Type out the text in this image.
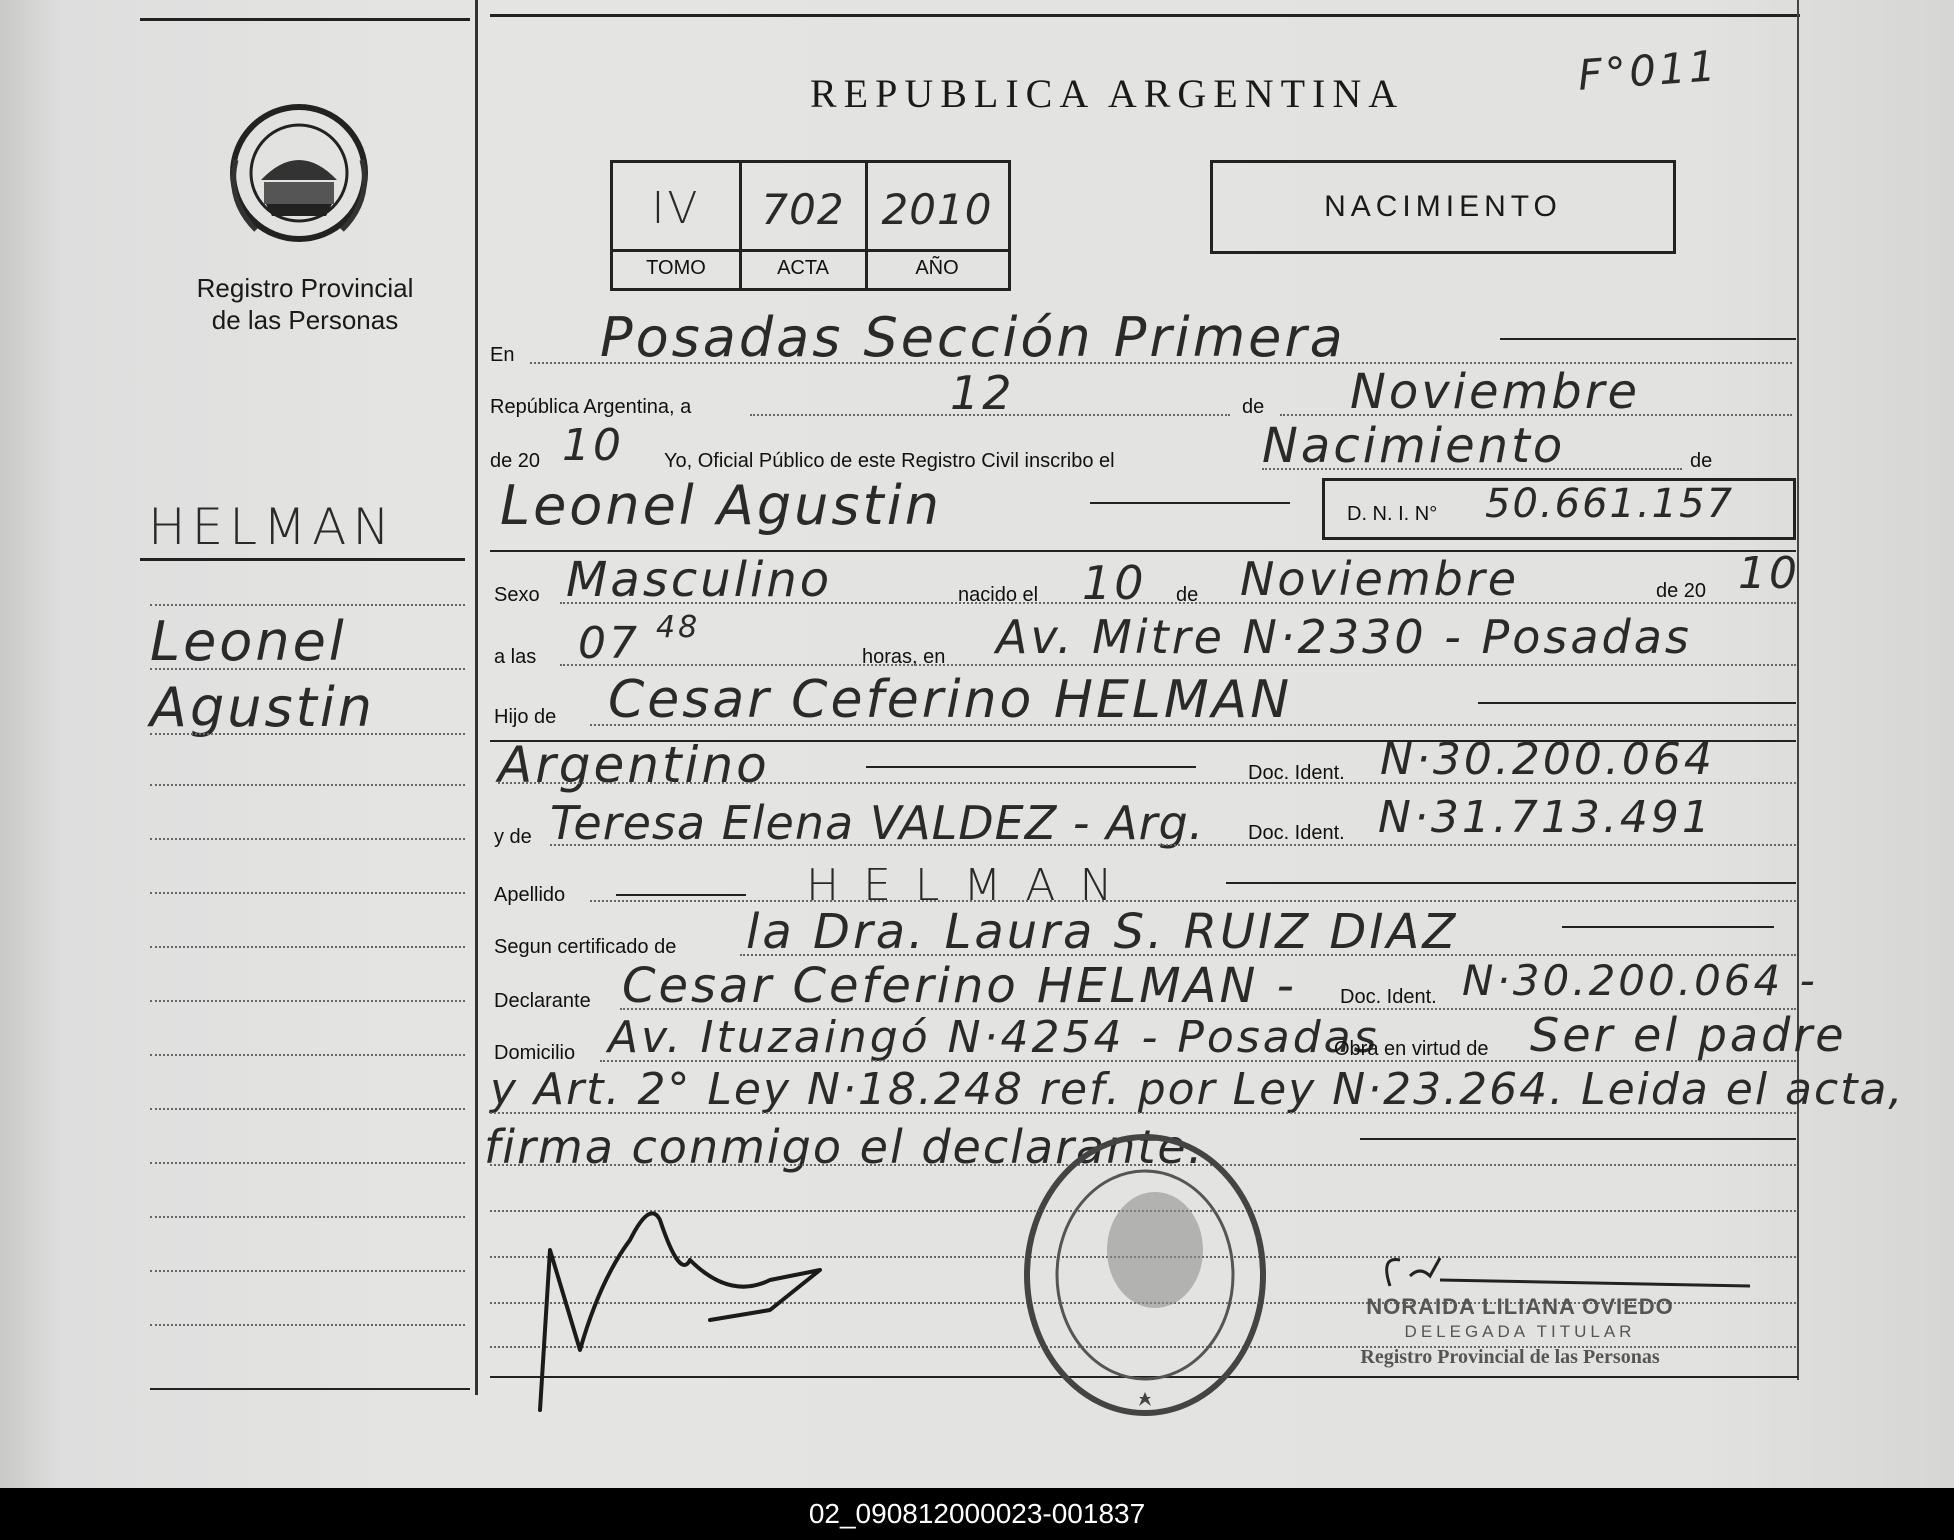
Registro Provincial
de las Personas
REPUBLICA ARGENTINA	F°011
IV	702 2010
TOMO	ACTA	AÑO
NACIMIENTO
HELMAN
Leonel
Agustin
En Posadas Sección Primera
República Argentina, a	12	de Noviembre
de 20 10 Yo, Oficial Público de este Registro Civil inscribo el	Nacimiento	de
Leonel Agustin	D. N. I. N° 50.661.157
Sexo Masculino	nacido el 10 de Noviembre	de 20 10
a las 07 48
horas, en Av. Mitre N·2330 - Posadas
Hijo de Cesar Ceferino HELMAN
Argentino	Doc. Ident. N·30.200.064
y de Teresa Elena VALDEZ - Arg. Doc. Ident. N·31.713.491
Apellido	HELMAN
Segun certificado de la Dra. Laura S. RUIZ DIAZ
Declarante Cesar Ceferino HELMAN - Doc. Ident. N·30.200.064 -
Domicilio Av. Ituzaingó N·4254 - Posadas
Obra en virtud de Ser el padre
y Art. 2° Ley N·18.248 ref. por Ley N·23.264. Leida el acta,
firma conmigo el declarante.
NORAIDA LILIANA OVIEDO
DELEGADA TITULAR
Registro Provincial de las Personas
02_090812000023-001837
